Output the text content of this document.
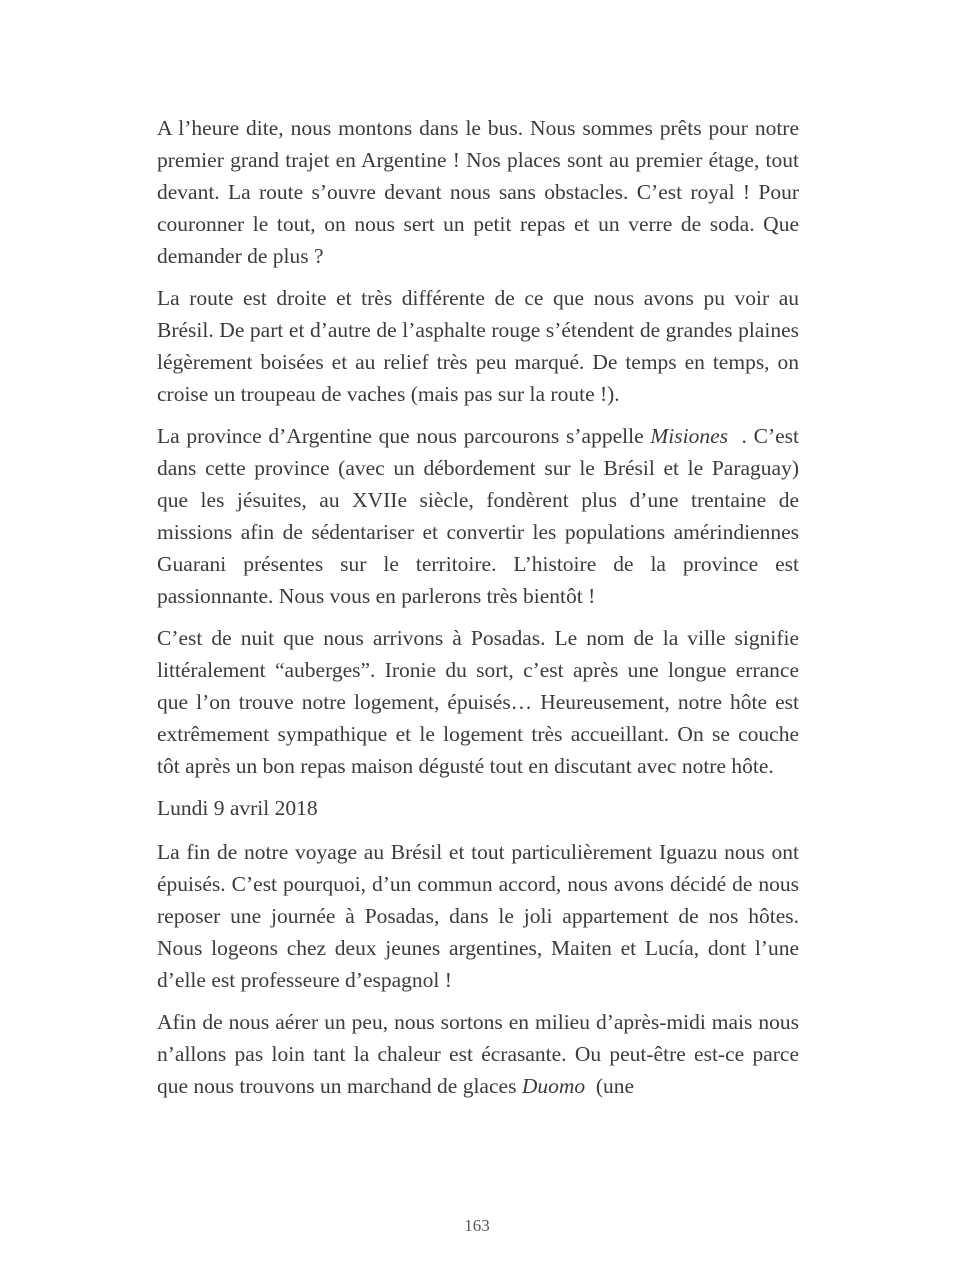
A l’heure dite, nous montons dans le bus. Nous sommes prêts pour notre premier grand trajet en Argentine ! Nos places sont au premier étage, tout devant. La route s’ouvre devant nous sans obstacles. C’est royal ! Pour couronner le tout, on nous sert un petit repas et un verre de soda. Que demander de plus ?

La route est droite et très différente de ce que nous avons pu voir au Brésil. De part et d’autre de l’asphalte rouge s’étendent de grandes plaines légèrement boisées et au relief très peu marqué. De temps en temps, on croise un troupeau de vaches (mais pas sur la route !).

La province d’Argentine que nous parcourons s’appelle Misiones  . C’est dans cette province (avec un débordement sur le Brésil et le Paraguay) que les jésuites, au XVIIe siècle, fondèrent plus d’une trentaine de missions afin de sédentariser et convertir les populations amérindiennes Guarani présentes sur le territoire. L’histoire de la province est passionnante. Nous vous en parlerons très bientôt !

C’est de nuit que nous arrivons à Posadas. Le nom de la ville signifie littéralement “auberges”. Ironie du sort, c’est après une longue errance que l’on trouve notre logement, épuisés… Heureusement, notre hôte est extrêmement sympathique et le logement très accueillant. On se couche tôt après un bon repas maison dégusté tout en discutant avec notre hôte.

Lundi 9 avril 2018

La fin de notre voyage au Brésil et tout particulièrement Iguazu nous ont épuisés. C’est pourquoi, d’un commun accord, nous avons décidé de nous reposer une journée à Posadas, dans le joli appartement de nos hôtes. Nous logeons chez deux jeunes argentines, Maiten et Lucía, dont l’une d’elle est professeure d’espagnol !

Afin de nous aérer un peu, nous sortons en milieu d’après-midi mais nous n’allons pas loin tant la chaleur est écrasante. Ou peut-être est-ce parce que nous trouvons un marchand de glaces Duomo  (une

163
